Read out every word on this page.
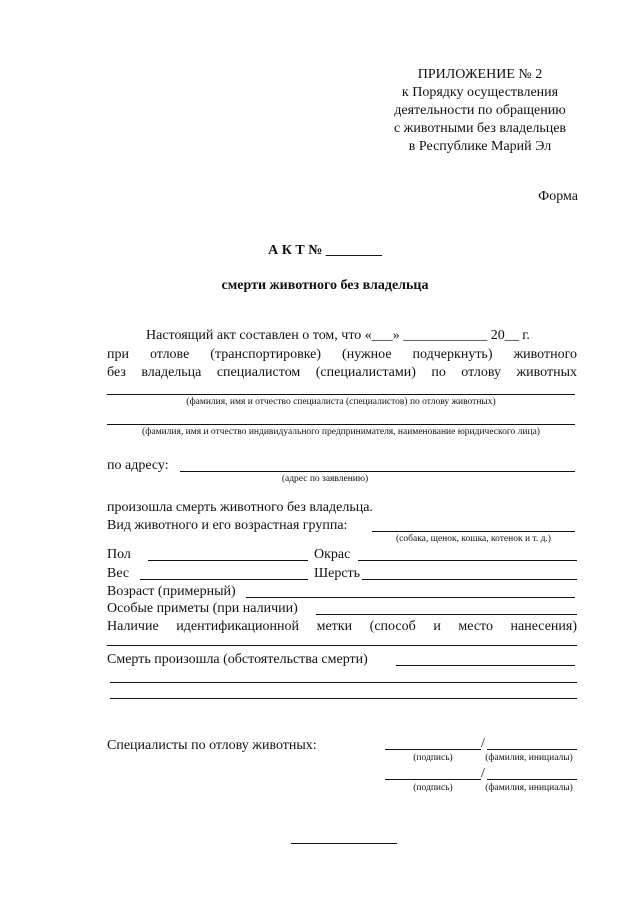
ПРИЛОЖЕНИЕ № 2
к Порядку осуществления
деятельности по обращению
с животными без владельцев
в Республике Марий Эл
Форма
А К Т № ________
смерти животного без владельца
Настоящий акт составлен о том, что «___» ____________ 20__ г.
при отлове (транспортировке) (нужное подчеркнуть) животного
без владельца специалистом (специалистами) по отлову животных
(фамилия, имя и отчество специалиста (специалистов) по отлову животных)
(фамилия, имя и отчество индивидуального предпринимателя, наименование юридического лица)
по адресу:
(адрес по заявлению)
произошла смерть животного без владельца.
Вид животного и его возрастная группа:
(собака, щенок, кошка, котенок и т. д.)
Пол	Окрас
Вес	Шерсть
Возраст (примерный)
Особые приметы (при наличии)
Наличие идентификационной метки (способ и место нанесения)
Смерть произошла (обстоятельства смерти)
Специалисты по отлову животных:	/
(подпись)	(фамилия, инициалы)
/
(подпись)	(фамилия, инициалы)
